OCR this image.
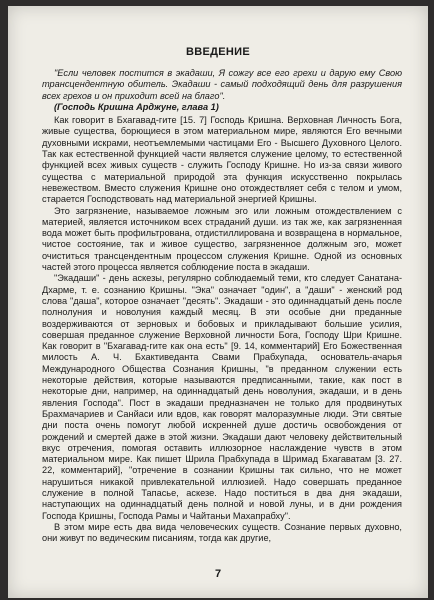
ВВЕДЕНИЕ

"Если человек постится в экадаши, Я сожгу все его грехи и дарую ему Свою трансцендентную обитель. Экадаши - самый подходящий день для разрушения всех грехов и он приходит всей на благо".

(Господь Кришна Арджуне, глава 1)

Как говорит в Бхагавад-гите [15. 7] Господь Кришна. Верховная Личность Бога, живые существа, борющиеся в этом материальном мире, являются Его вечными духовными искрами, неотъемлемыми частицами Его - Высшего Духовного Целого. Так как естественной функцией части является служение целому, то естественной функцией всех живых существ - служить Господу Кришне. Но из-за связи живого существа с материальной природой эта функция искусственно покрылась невежеством. Вместо служения Кришне оно отождествляет себя с телом и умом, старается Господствовать над материальной энергией Кришны.

Это загрязнение, называемое ложным эго или ложным отождествлением с материей, является источником всех страданий души. из так же, как загрязненная вода может быть профильтрована, отдистиллирована и возвращена в нормальное, чистое состояние, так и живое существо, загрязненное должным эго, может очиститься трансцендентным процессом служения Кришне. Одной из основных частей этого процесса является соблюдение поста в экадаши.

"Экадаши" - день аскезы, регулярно соблюдаемый теми, кто следует Санатана-Дхарме, т. е. сознанию Кришны. "Эка" означает "один", а "даши" - женский род слова "даша", которое означает "десять". Экадаши - это одиннадцатый день после полнолуния и новолуния каждый месяц. В эти особые дни преданные воздерживаются от зерновых и бобовых и прикладывают большие усилия, совершая преданное служение Верховной личности Бога, Господу Шри Кришне. Как говорит в "Бхагавад-гите как она есть" [9. 14, комментарий] Его Божественная милость А. Ч. Бхактиведанта Свами Прабхупада, основатель-ачарья Международного Общества Сознания Кришны, "в преданном служении есть некоторые действия, которые называются предписанными, такие, как пост в некоторые дни, например, на одиннадцатый день новолуния, экадаши, и в день явления Господа". Пост в экадаши предназначен не только для продвинутых Брахмачариев и Санйаси или вдов, как говорят малоразумные люди. Эти святые дни поста очень помогут любой искренней душе достичь освобождения от рождений и смертей даже в этой жизни. Экадаши дают человеку действительный вкус отречения, помогая оставить иллюзорное наслаждение чувств в этом материальном мире. Как пишет Шрила Прабхупада в Шримад Бхагаватам [3. 27. 22, комментарий], "отречение в сознании Кришны так сильно, что не может нарушиться никакой привлекательной иллюзией. Надо совершать преданное служение в полной Тапасье, аскезе. Надо поститься в два дня экадаши, наступающих на одиннадцатый день полной и новой луны, и в дни рождения Господа Кришны, Господа Рамы и Чайтаньи Махапрабху".

В этом мире есть два вида человеческих существ. Сознание первых духовно, они живут по ведическим писаниям, тогда как другие,

7
